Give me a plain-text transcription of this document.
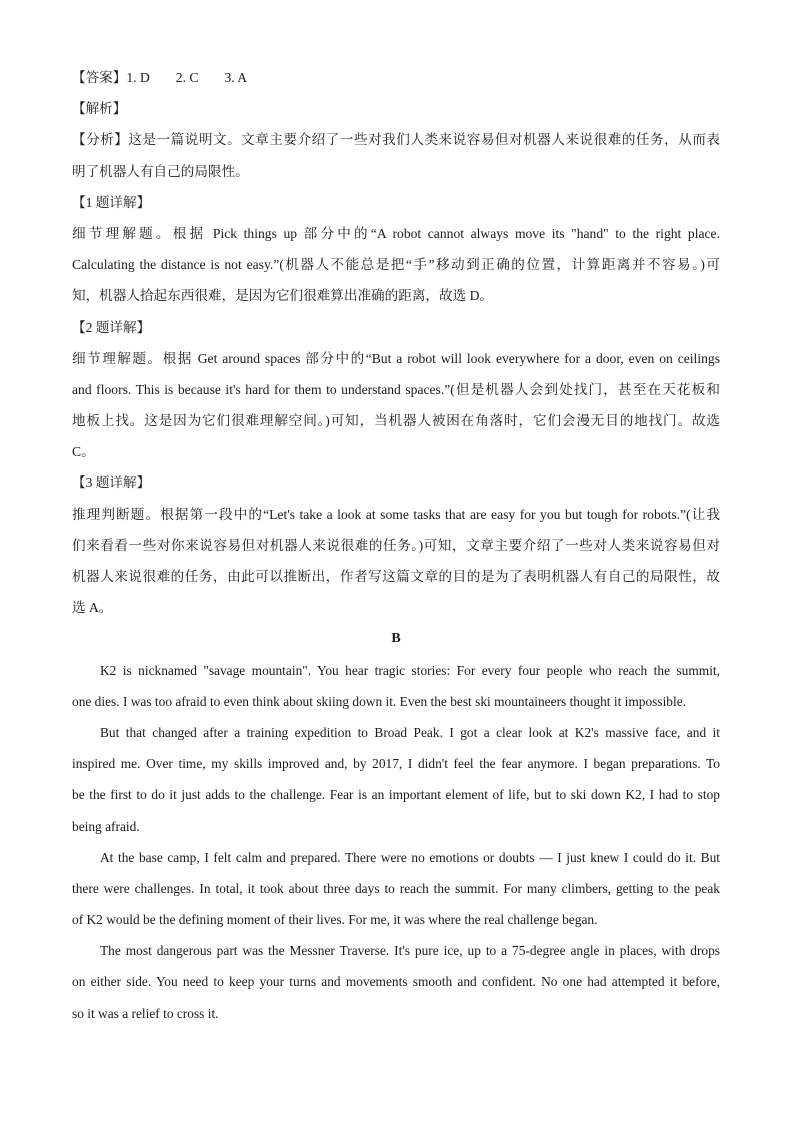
【答案】1. D 2. C 3. A
【解析】
【分析】这是一篇说明文。文章主要介绍了一些对我们人类来说容易但对机器人来说很难的任务，从而表
明了机器人有自己的局限性。
【1 题详解】
细节理解题。根据 Pick things up 部分中的“A robot cannot always move its "hand" to the right place.
Calculating the distance is not easy.”(机器人不能总是把“手”移动到正确的位置，计算距离并不容易。)可
知，机器人拾起东西很难，是因为它们很难算出准确的距离，故选 D。
【2 题详解】
细节理解题。根据 Get around spaces 部分中的“But a robot will look everywhere for a door, even on ceilings
and floors. This is because it's hard for them to understand spaces.”(但是机器人会到处找门，甚至在天花板和
地板上找。这是因为它们很难理解空间。)可知，当机器人被困在角落时，它们会漫无目的地找门。故选
C。
【3 题详解】
推理判断题。根据第一段中的“Let's take a look at some tasks that are easy for you but tough for robots.”(让我
们来看看一些对你来说容易但对机器人来说很难的任务。)可知，文章主要介绍了一些对人类来说容易但对
机器人来说很难的任务，由此可以推断出，作者写这篇文章的目的是为了表明机器人有自己的局限性，故
选 A。
B
K2 is nicknamed "savage mountain". You hear tragic stories: For every four people who reach the summit,
one dies. I was too afraid to even think about skiing down it. Even the best ski mountaineers thought it impossible.
But that changed after a training expedition to Broad Peak. I got a clear look at K2's massive face, and it
inspired me. Over time, my skills improved and, by 2017, I didn't feel the fear anymore. I began preparations. To
be the first to do it just adds to the challenge. Fear is an important element of life, but to ski down K2, I had to stop
being afraid.
At the base camp, I felt calm and prepared. There were no emotions or doubts — I just knew I could do it. But
there were challenges. In total, it took about three days to reach the summit. For many climbers, getting to the peak
of K2 would be the defining moment of their lives. For me, it was where the real challenge began.
The most dangerous part was the Messner Traverse. It's pure ice, up to a 75-degree angle in places, with drops
on either side. You need to keep your turns and movements smooth and confident. No one had attempted it before,
so it was a relief to cross it.
